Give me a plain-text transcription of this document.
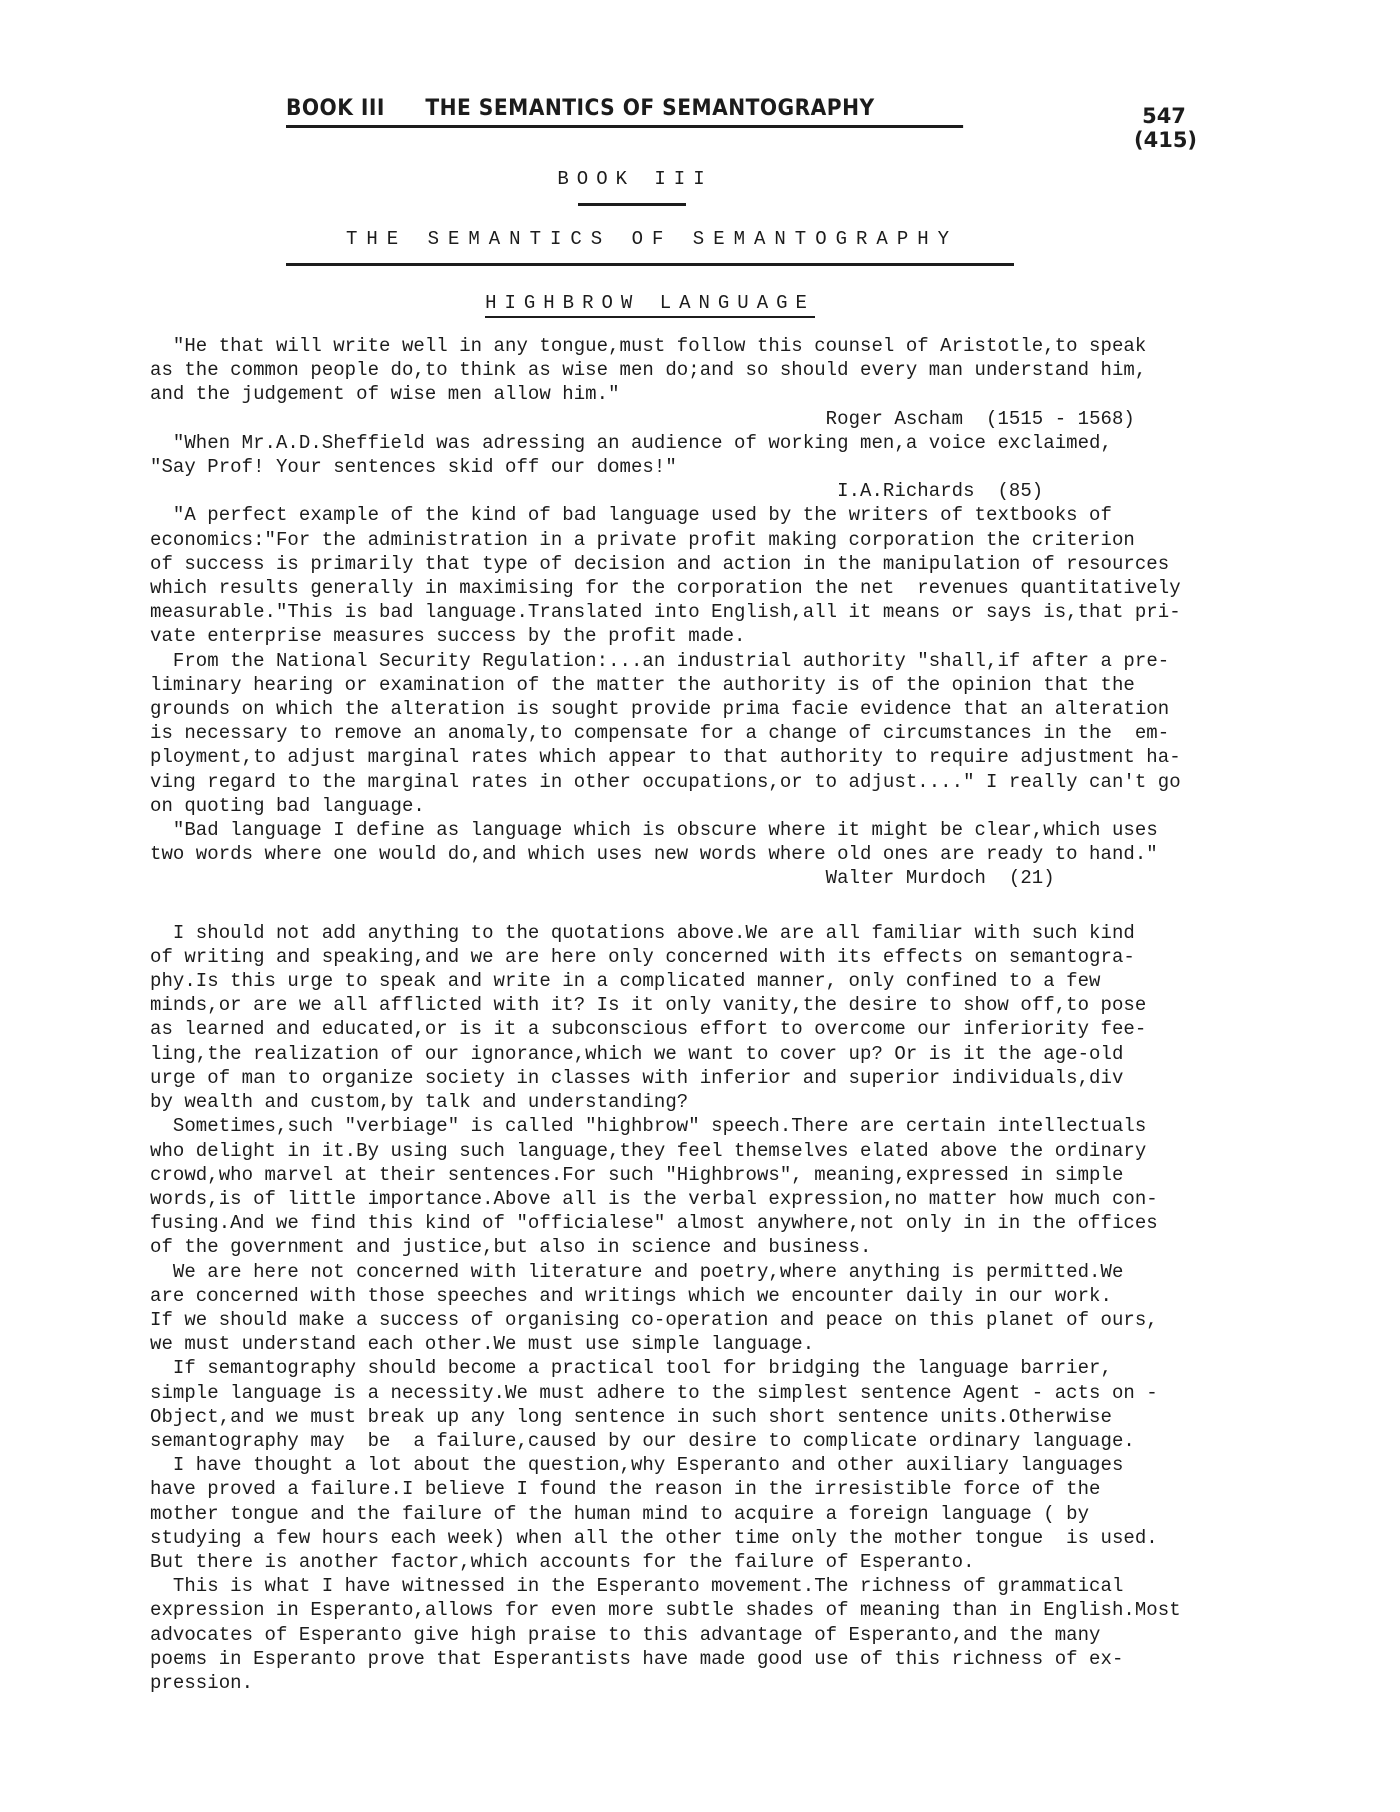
BOOK III THE SEMANTICS OF SEMANTOGRAPHY	547
(415)
BOOK III
THE SEMANTICS OF SEMANTOGRAPHY
HIGHBROW LANGUAGE
"He that will write well in any tongue,must follow this counsel of Aristotle,to speak
as the common people do,to think as wise men do;and so should every man understand him,
and the judgement of wise men allow him."
Roger Ascham  (1515 - 1568)
"When Mr.A.D.Sheffield was adressing an audience of working men,a voice exclaimed,
"Say Prof! Your sentences skid off our domes!"
I.A.Richards  (85)
"A perfect example of the kind of bad language used by the writers of textbooks of
economics:"For the administration in a private profit making corporation the criterion
of success is primarily that type of decision and action in the manipulation of resources
which results generally in maximising for the corporation the net  revenues quantitatively
measurable."This is bad language.Translated into English,all it means or says is,that pri-
vate enterprise measures success by the profit made.
From the National Security Regulation:...an industrial authority "shall,if after a pre-
liminary hearing or examination of the matter the authority is of the opinion that the
grounds on which the alteration is sought provide prima facie evidence that an alteration
is necessary to remove an anomaly,to compensate for a change of circumstances in the  em-
ployment,to adjust marginal rates which appear to that authority to require adjustment ha-
ving regard to the marginal rates in other occupations,or to adjust...." I really can't go
on quoting bad language.
"Bad language I define as language which is obscure where it might be clear,which uses
two words where one would do,and which uses new words where old ones are ready to hand."
Walter Murdoch  (21)
I should not add anything to the quotations above.We are all familiar with such kind
of writing and speaking,and we are here only concerned with its effects on semantogra-
phy.Is this urge to speak and write in a complicated manner, only confined to a few
minds,or are we all afflicted with it? Is it only vanity,the desire to show off,to pose
as learned and educated,or is it a subconscious effort to overcome our inferiority fee-
ling,the realization of our ignorance,which we want to cover up? Or is it the age-old
urge of man to organize society in classes with inferior and superior individuals,div
by wealth and custom,by talk and understanding?
Sometimes,such "verbiage" is called "highbrow" speech.There are certain intellectuals
who delight in it.By using such language,they feel themselves elated above the ordinary
crowd,who marvel at their sentences.For such "Highbrows", meaning,expressed in simple
words,is of little importance.Above all is the verbal expression,no matter how much con-
fusing.And we find this kind of "officialese" almost anywhere,not only in in the offices
of the government and justice,but also in science and business.
We are here not concerned with literature and poetry,where anything is permitted.We
are concerned with those speeches and writings which we encounter daily in our work.
If we should make a success of organising co-operation and peace on this planet of ours,
we must understand each other.We must use simple language.
If semantography should become a practical tool for bridging the language barrier,
simple language is a necessity.We must adhere to the simplest sentence Agent - acts on -
Object,and we must break up any long sentence in such short sentence units.Otherwise
semantography may  be  a failure,caused by our desire to complicate ordinary language.
I have thought a lot about the question,why Esperanto and other auxiliary languages
have proved a failure.I believe I found the reason in the irresistible force of the
mother tongue and the failure of the human mind to acquire a foreign language ( by
studying a few hours each week) when all the other time only the mother tongue  is used.
But there is another factor,which accounts for the failure of Esperanto.
This is what I have witnessed in the Esperanto movement.The richness of grammatical
expression in Esperanto,allows for even more subtle shades of meaning than in English.Most
advocates of Esperanto give high praise to this advantage of Esperanto,and the many
poems in Esperanto prove that Esperantists have made good use of this richness of ex-
pression.
